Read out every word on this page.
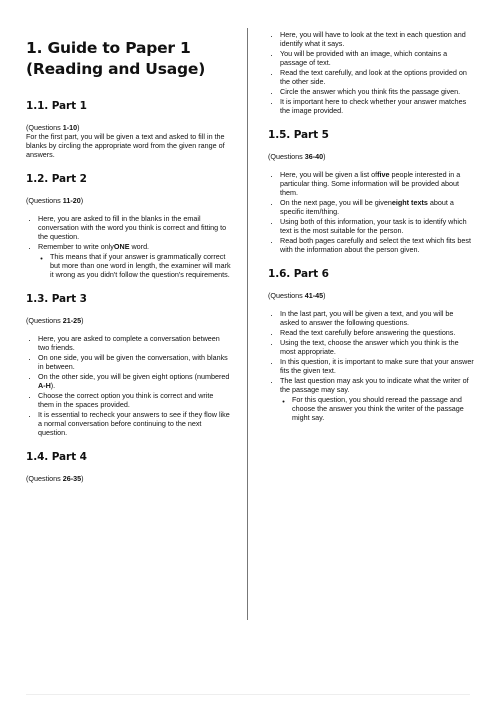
1. Guide to Paper 1 (Reading and Usage)
1.1. Part 1
(Questions 1-10)

For the first part, you will be given a text and asked to fill in the blanks by circling the appropriate word from the given range of answers.

1.2. Part 2
(Questions 11-20)
• Here, you are asked to fill in the blanks in the email conversation with the word you think is correct and fitting to the question.
• Remember to write onlyONE word.
◦ This means that if your answer is grammatically correct but more than one word in length, the examiner will mark it wrong as you didn't follow the question's requirements.
1.3. Part 3
(Questions 21-25)
• Here, you are asked to complete a conversation between two friends.
• On one side, you will be given the conversation, with blanks in between.
• On the other side, you will be given eight options (numbered A-H).
• Choose the correct option you think is correct and write them in the spaces provided.
• It is essential to recheck your answers to see if they flow like a normal conversation before continuing to the next question.
1.4. Part 4
(Questions 26-35)
• Here, you will have to look at the text in each question and identify what it says.
• You will be provided with an image, which contains a passage of text.
• Read the text carefully, and look at the options provided on the other side.
• Circle the answer which you think fits the passage given.
• It is important here to check whether your answer matches the image provided.
1.5. Part 5
(Questions 36-40)
• Here, you will be given a list offive people interested in a particular thing. Some information will be provided about them.
• On the next page, you will be giveneight texts about a specific item/thing.
• Using both of this information, your task is to identify which text is the most suitable for the person.
• Read both pages carefully and select the text which fits best with the information about the person given.
1.6. Part 6
(Questions 41-45)
• In the last part, you will be given a text, and you will be asked to answer the following questions.
• Read the text carefully before answering the questions.
• Using the text, choose the answer which you think is the most appropriate.
• In this question, it is important to make sure that your answer fits the given text.
• The last question may ask you to indicate what the writer of the passage may say.
◦ For this question, you should reread the passage and choose the answer you think the writer of the passage might say.
